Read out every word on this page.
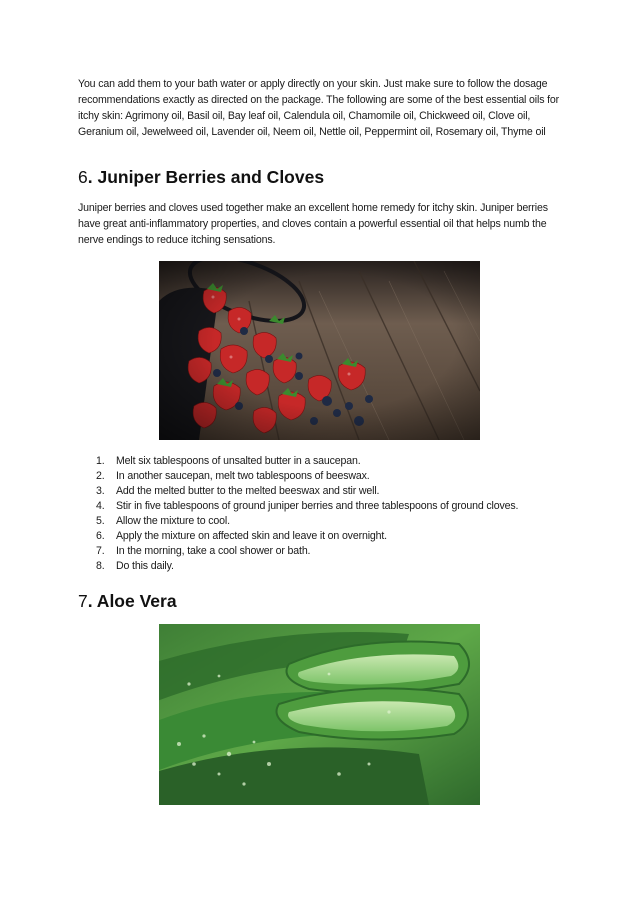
You can add them to your bath water or apply directly on your skin. Just make sure to follow the dosage recommendations exactly as directed on the package. The following are some of the best essential oils for itchy skin: Agrimony oil, Basil oil, Bay leaf oil, Calendula oil, Chamomile oil, Chickweed oil, Clove oil, Geranium oil, Jewelweed oil, Lavender oil, Neem oil, Nettle oil, Peppermint oil, Rosemary oil, Thyme oil

6. Juniper Berries and Cloves

Juniper berries and cloves used together make an excellent home remedy for itchy skin. Juniper berries have great anti-inflammatory properties, and cloves contain a powerful essential oil that helps numb the nerve endings to reduce itching sensations.

1. Melt six tablespoons of unsalted butter in a saucepan.
2. In another saucepan, melt two tablespoons of beeswax.
3. Add the melted butter to the melted beeswax and stir well.
4. Stir in five tablespoons of ground juniper berries and three tablespoons of ground cloves.
5. Allow the mixture to cool.
6. Apply the mixture on affected skin and leave it on overnight.
7. In the morning, take a cool shower or bath.
8. Do this daily.
7. Aloe Vera
